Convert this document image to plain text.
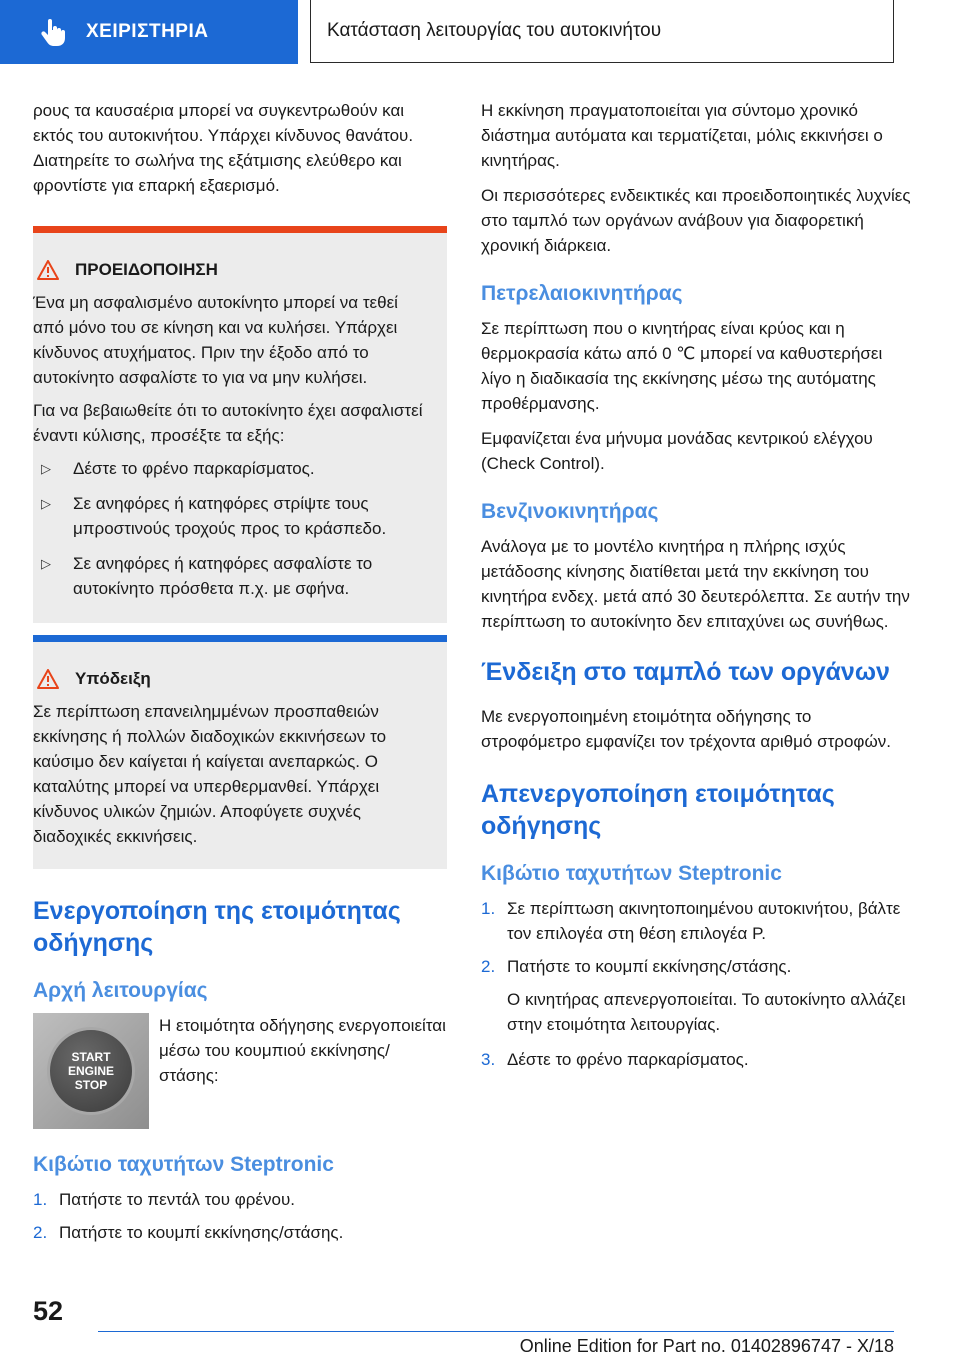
ΧΕΙΡΙΣΤΗΡΙΑ	Κατάσταση λειτουργίας του αυτοκινήτου

ρους τα καυσαέρια μπορεί να συγκεντρωθούν και εκτός του αυτοκινήτου. Υπάρχει κίνδυνος θανάτου. Διατηρείτε το σωλήνα της εξάτμισης ελεύθερο και φροντίστε για επαρκή εξαερισμό.

ΠΡΟΕΙΔΟΠΟΙΗΣΗ

Ένα μη ασφαλισμένο αυτοκίνητο μπορεί να τεθεί από μόνο του σε κίνηση και να κυλήσει. Υπάρχει κίνδυνος ατυχήματος. Πριν την έξοδο από το αυτοκίνητο ασφαλίστε το για να μην κυλήσει.

Για να βεβαιωθείτε ότι το αυτοκίνητο έχει ασφαλιστεί έναντι κύλισης, προσέξτε τα εξής:

▷	Δέστε το φρένο παρκαρίσματος.
▷	Σε ανηφόρες ή κατηφόρες στρίψτε τους μπροστινούς τροχούς προς το κράσπεδο.
▷	Σε ανηφόρες ή κατηφόρες ασφαλίστε το αυτοκίνητο πρόσθετα π.χ. με σφήνα.
Υπόδειξη

Σε περίπτωση επανειλημμένων προσπαθειών εκκίνησης ή πολλών διαδοχικών εκκινήσεων το καύσιμο δεν καίγεται ή καίγεται ανεπαρκώς. Ο καταλύτης μπορεί να υπερθερμανθεί. Υπάρχει κίνδυνος υλικών ζημιών. Αποφύγετε συχνές διαδοχικές εκκινήσεις.

Ενεργοποίηση της ετοιμότητας οδήγησης
Αρχή λειτουργίας
START
ENGINE
STOP
Η ετοιμότητα οδήγησης ενεργοποιείται μέσω του κουμπιού εκκίνησης/στάσης:
Κιβώτιο ταχυτήτων Steptronic
1. Πατήστε το πεντάλ του φρένου.
2. Πατήστε το κουμπί εκκίνησης/στάσης.

Η εκκίνηση πραγματοποιείται για σύντομο χρονικό διάστημα αυτόματα και τερματίζεται, μόλις εκκινήσει ο κινητήρας.

Οι περισσότερες ενδεικτικές και προειδοποιητικές λυχνίες στο ταμπλό των οργάνων ανάβουν για διαφορετική χρονική διάρκεια.

Πετρελαιοκινητήρας

Σε περίπτωση που ο κινητήρας είναι κρύος και η θερμοκρασία κάτω από 0 ℃ μπορεί να καθυστερήσει λίγο η διαδικασία της εκκίνησης μέσω της αυτόματης προθέρμανσης.

Εμφανίζεται ένα μήνυμα μονάδας κεντρικού ελέγχου (Check Control).

Βενζινοκινητήρας

Ανάλογα με το μοντέλο κινητήρα η πλήρης ισχύς μετάδοσης κίνησης διατίθεται μετά την εκκίνηση του κινητήρα ενδεχ. μετά από 30 δευτερόλεπτα. Σε αυτήν την περίπτωση το αυτοκίνητο δεν επιταχύνει ως συνήθως.

Ένδειξη στο ταμπλό των οργάνων

Με ενεργοποιημένη ετοιμότητα οδήγησης το στροφόμετρο εμφανίζει τον τρέχοντα αριθμό στροφών.

Απενεργοποίηση ετοιμότητας οδήγησης
Κιβώτιο ταχυτήτων Steptronic
1. Σε περίπτωση ακινητοποιημένου αυτοκινήτου, βάλτε τον επιλογέα στη θέση επιλογέα P.
2. Πατήστε το κουμπί εκκίνησης/στάσης.

Ο κινητήρας απενεργοποιείται. Το αυτοκίνητο αλλάζει στην ετοιμότητα λειτουργίας.

3. Δέστε το φρένο παρκαρίσματος.
52
Online Edition for Part no. 01402896747 - X/18
